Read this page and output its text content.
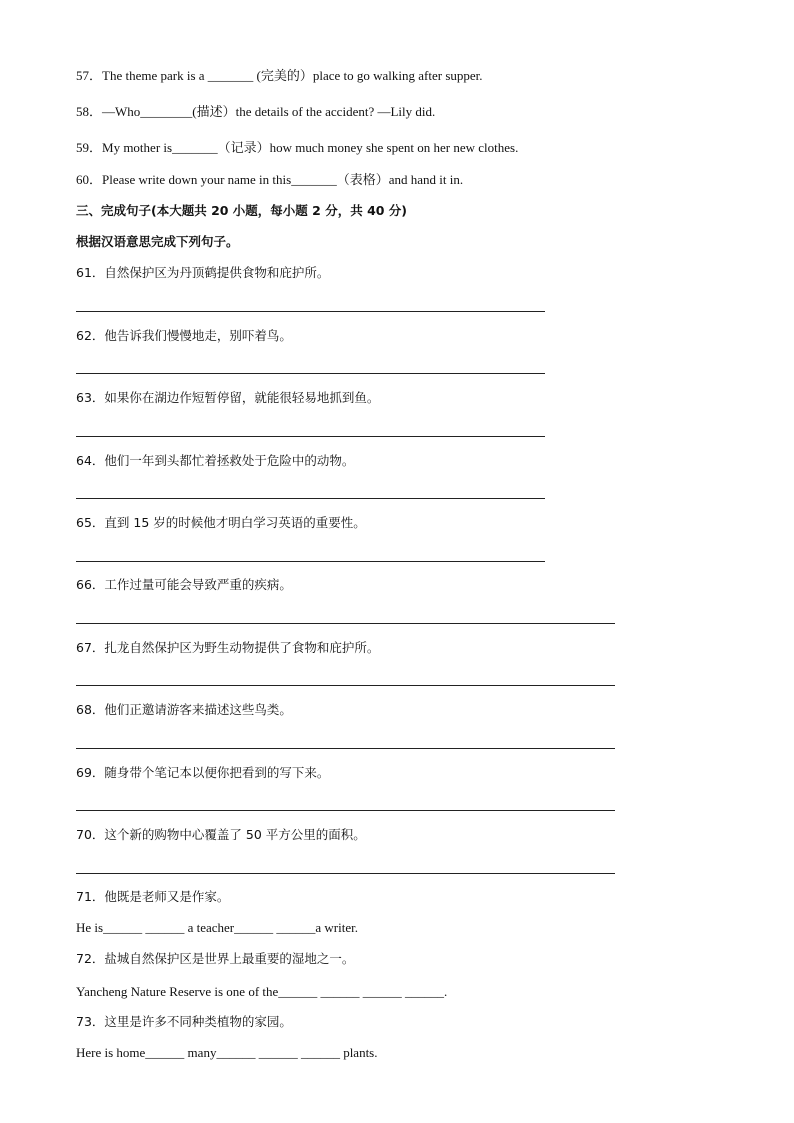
57．The theme park is a _______ (完美的）place to go walking after supper.
58．—Who________(描述）the details of the accident? —Lily did.
59．My mother is_______（记录）how much money she spent on her new clothes.
60．Please write down your name in this_______（表格）and hand it in.
三、完成句子(本大题共 20 小题，每小题 2 分，共 40 分)
根据汉语意思完成下列句子。
61．自然保护区为丹顶鹤提供食物和庇护所。
62．他告诉我们慢慢地走，别吓着鸟。
63．如果你在湖边作短暂停留，就能很轻易地抓到鱼。
64．他们一年到头都忙着拯救处于危险中的动物。
65．直到 15 岁的时候他才明白学习英语的重要性。
66．工作过量可能会导致严重的疾病。
67．扎龙自然保护区为野生动物提供了食物和庇护所。
68．他们正邀请游客来描述这些鸟类。
69．随身带个笔记本以便你把看到的写下来。
70．这个新的购物中心覆盖了 50 平方公里的面积。
71．他既是老师又是作家。
He is______ ______ a teacher______ ______a writer.
72．盐城自然保护区是世界上最重要的湿地之一。
Yancheng Nature Reserve is one of the______ ______ ______ ______.
73．这里是许多不同种类植物的家园。
Here is home______ many______ ______ ______ plants.
